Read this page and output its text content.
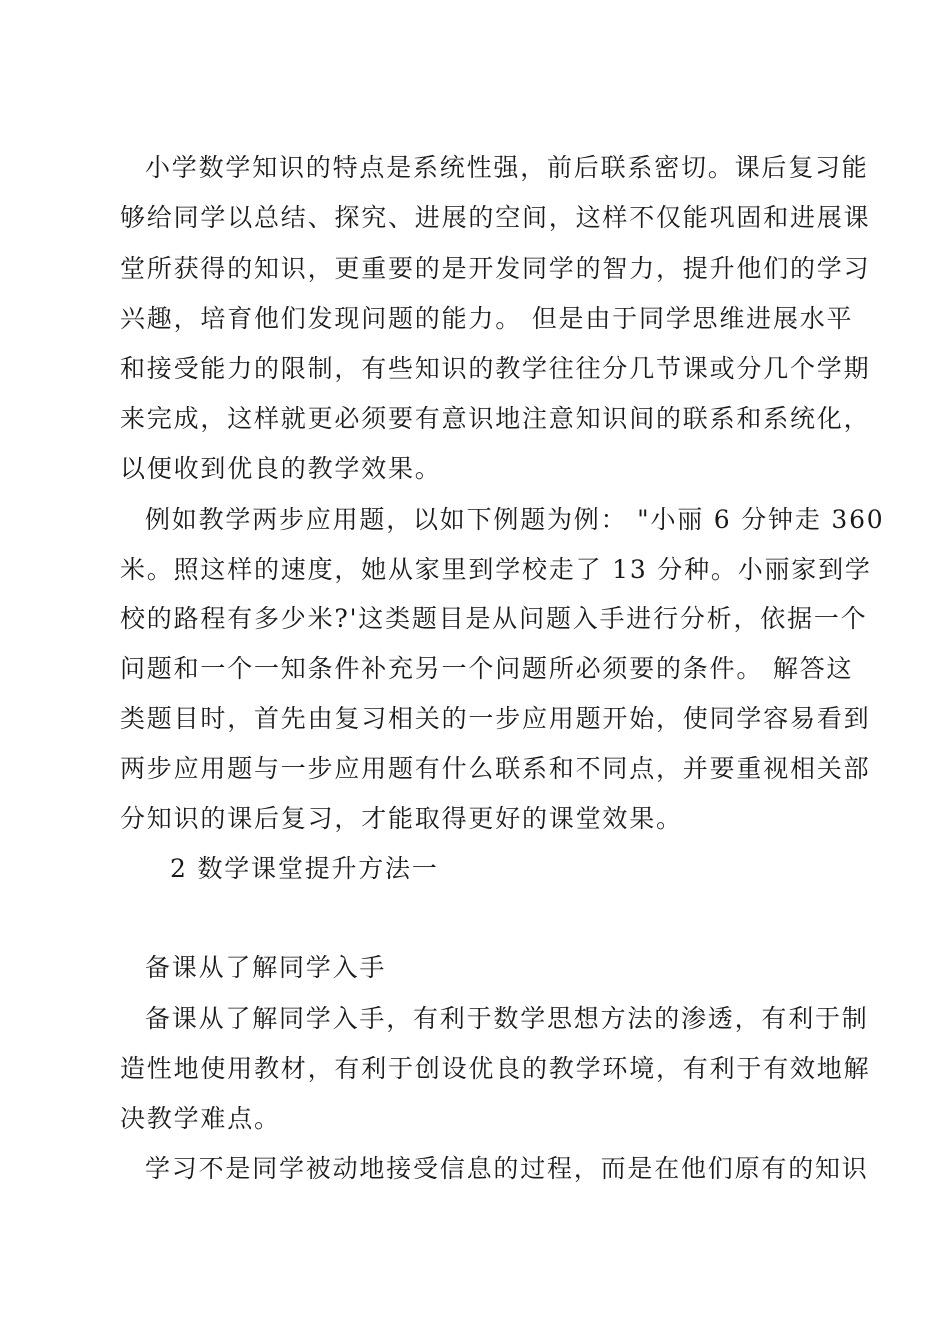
小学数学知识的特点是系统性强，前后联系密切。课后复习能
够给同学以总结、探究、进展的空间，这样不仅能巩固和进展课
堂所获得的知识，更重要的是开发同学的智力，提升他们的学习
兴趣，培育他们发现问题的能力。 但是由于同学思维进展水平
和接受能力的限制，有些知识的教学往往分几节课或分几个学期
来完成，这样就更必须要有意识地注意知识间的联系和系统化，
以便收到优良的教学效果。
例如教学两步应用题，以如下例题为例： "小丽 6 分钟走 360
米。照这样的速度，她从家里到学校走了 13 分种。小丽家到学
校的路程有多少米?'这类题目是从问题入手进行分析，依据一个
问题和一个一知条件补充另一个问题所必须要的条件。 解答这
类题目时，首先由复习相关的一步应用题开始，使同学容易看到
两步应用题与一步应用题有什么联系和不同点，并要重视相关部
分知识的课后复习，才能取得更好的课堂效果。
2 数学课堂提升方法一
备课从了解同学入手
备课从了解同学入手，有利于数学思想方法的渗透，有利于制
造性地使用教材，有利于创设优良的教学环境，有利于有效地解
决教学难点。
学习不是同学被动地接受信息的过程，而是在他们原有的知识
